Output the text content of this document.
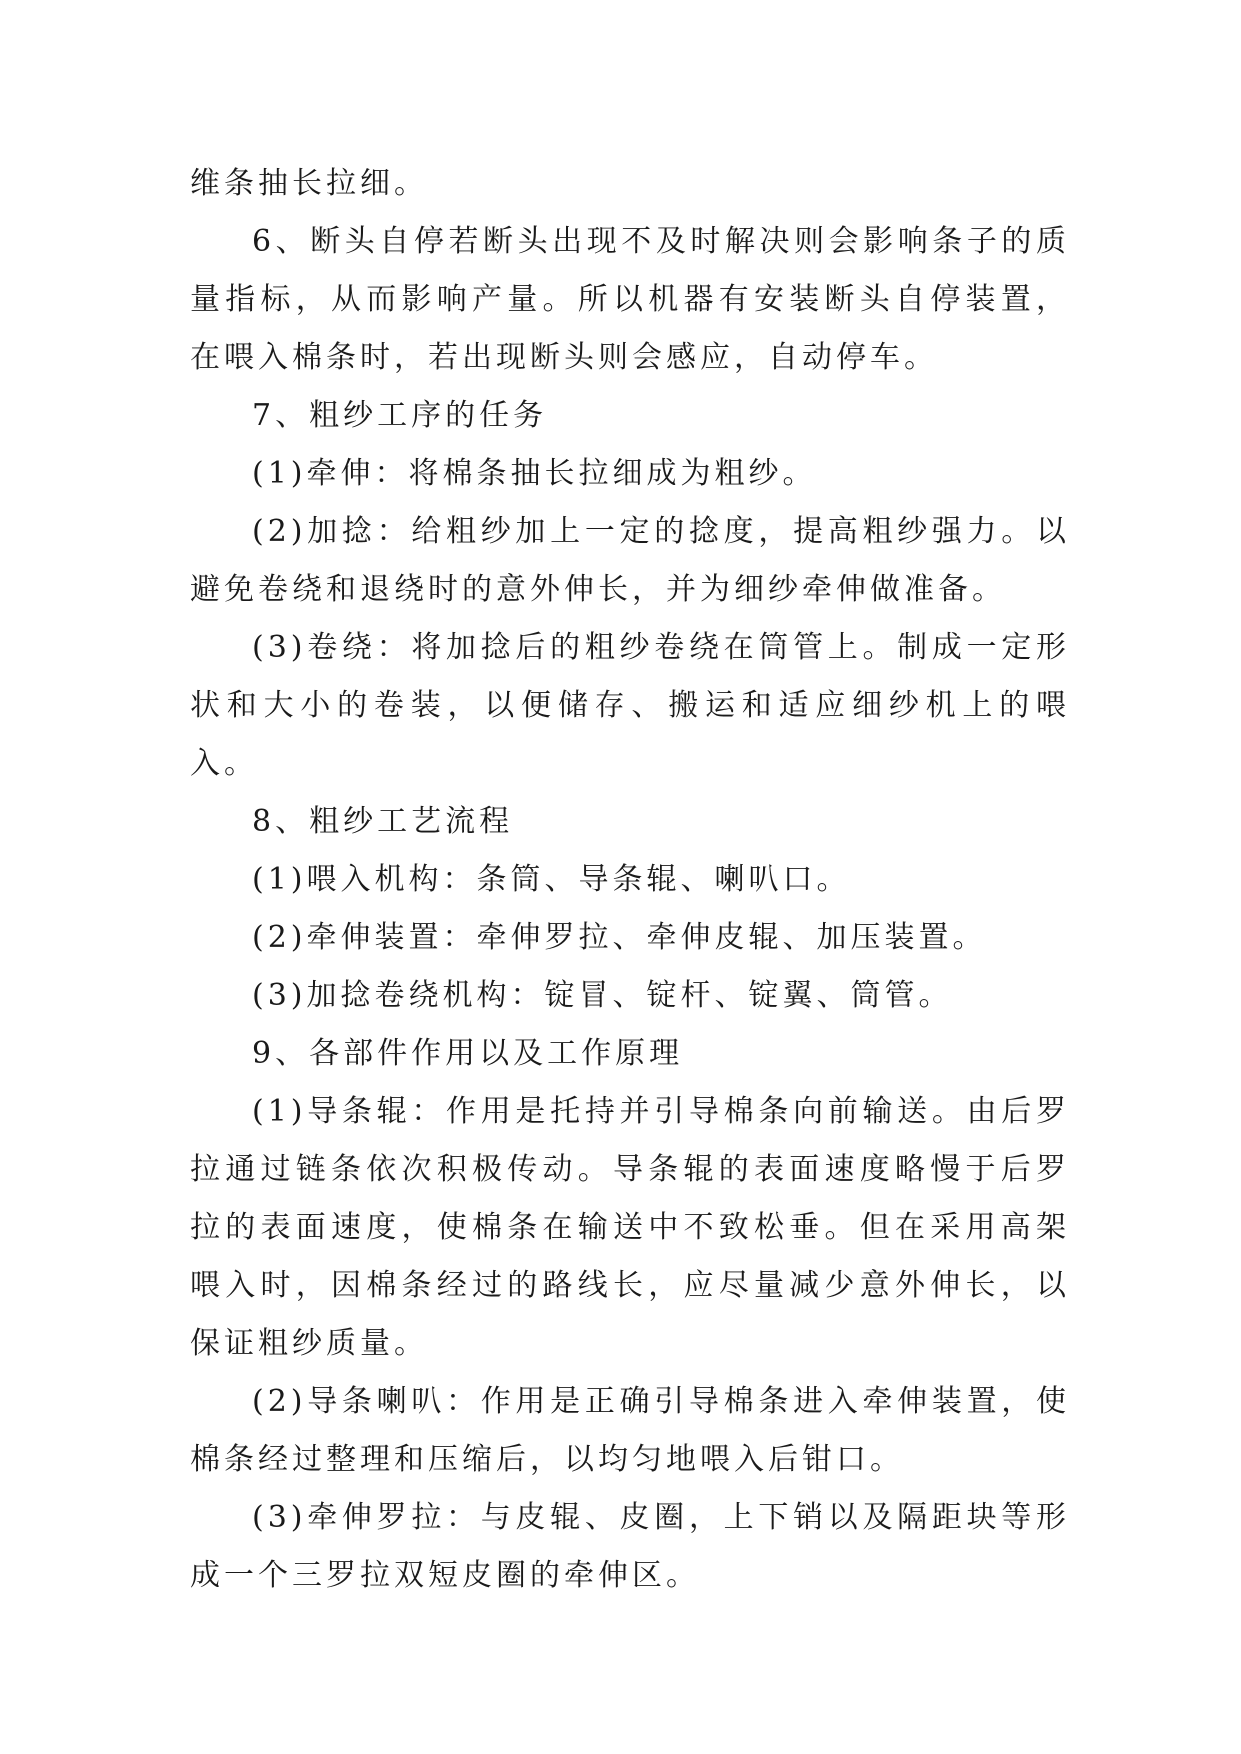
维条抽长拉细。

6、断头自停若断头出现不及时解决则会影响条子的质量指标，从而影响产量。所以机器有安装断头自停装置，在喂入棉条时，若出现断头则会感应，自动停车。

7、粗纱工序的任务

(1)牵伸：将棉条抽长拉细成为粗纱。

(2)加捻：给粗纱加上一定的捻度，提高粗纱强力。以避免卷绕和退绕时的意外伸长，并为细纱牵伸做准备。

(3)卷绕：将加捻后的粗纱卷绕在筒管上。制成一定形状和大小的卷装，以便储存、搬运和适应细纱机上的喂入。

8、粗纱工艺流程

(1)喂入机构：条筒、导条辊、喇叭口。

(2)牵伸装置：牵伸罗拉、牵伸皮辊、加压装置。

(3)加捻卷绕机构：锭冒、锭杆、锭翼、筒管。

9、各部件作用以及工作原理

(1)导条辊：作用是托持并引导棉条向前输送。由后罗拉通过链条依次积极传动。导条辊的表面速度略慢于后罗拉的表面速度，使棉条在输送中不致松垂。但在采用高架喂入时，因棉条经过的路线长，应尽量减少意外伸长，以保证粗纱质量。

(2)导条喇叭：作用是正确引导棉条进入牵伸装置，使棉条经过整理和压缩后，以均匀地喂入后钳口。

(3)牵伸罗拉：与皮辊、皮圈，上下销以及隔距块等形成一个三罗拉双短皮圈的牵伸区。
